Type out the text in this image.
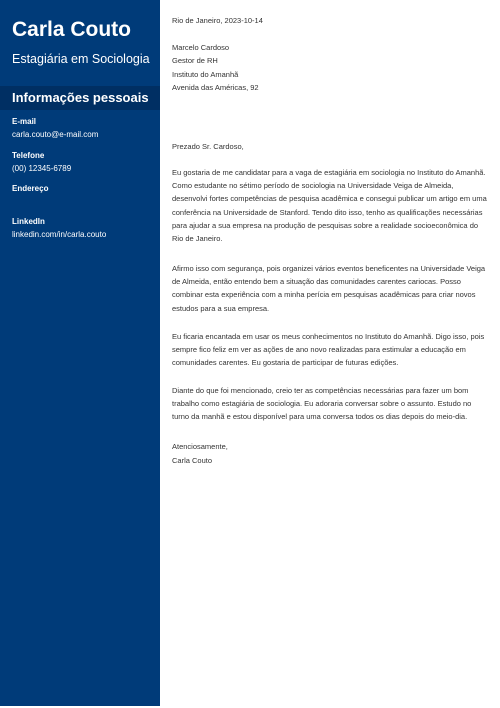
Carla Couto
Estagiária em Sociologia
Informações pessoais
E-mail
carla.couto@e-mail.com
Telefone
(00) 12345-6789
Endereço
LinkedIn
linkedin.com/in/carla.couto
Rio de Janeiro, 2023-10-14
Marcelo Cardoso
Gestor de RH
Instituto do Amanhã
Avenida das Américas, 92
Prezado Sr. Cardoso,
Eu gostaria de me candidatar para a vaga de estagiária em sociologia no Instituto do Amanhã. Como estudante no sétimo período de sociologia na Universidade Veiga de Almeida, desenvolvi fortes competências de pesquisa acadêmica e consegui publicar um artigo em uma conferência na Universidade de Stanford. Tendo dito isso, tenho as qualificações necessárias para ajudar a sua empresa na produção de pesquisas sobre a realidade socioeconômica do Rio de Janeiro.
Afirmo isso com segurança, pois organizei vários eventos beneficentes na Universidade Veiga de Almeida, então entendo bem a situação das comunidades carentes cariocas. Posso combinar esta experiência com a minha perícia em pesquisas acadêmicas para criar novos estudos para a sua empresa.
Eu ficaria encantada em usar os meus conhecimentos no Instituto do Amanhã. Digo isso, pois sempre fico feliz em ver as ações de ano novo realizadas para estimular a educação em comunidades carentes. Eu gostaria de participar de futuras edições.
Diante do que foi mencionado, creio ter as competências necessárias para fazer um bom trabalho como estagiária de sociologia. Eu adoraria conversar sobre o assunto. Estudo no turno da manhã e estou disponível para uma conversa todos os dias depois do meio-dia.
Atenciosamente,
Carla Couto
